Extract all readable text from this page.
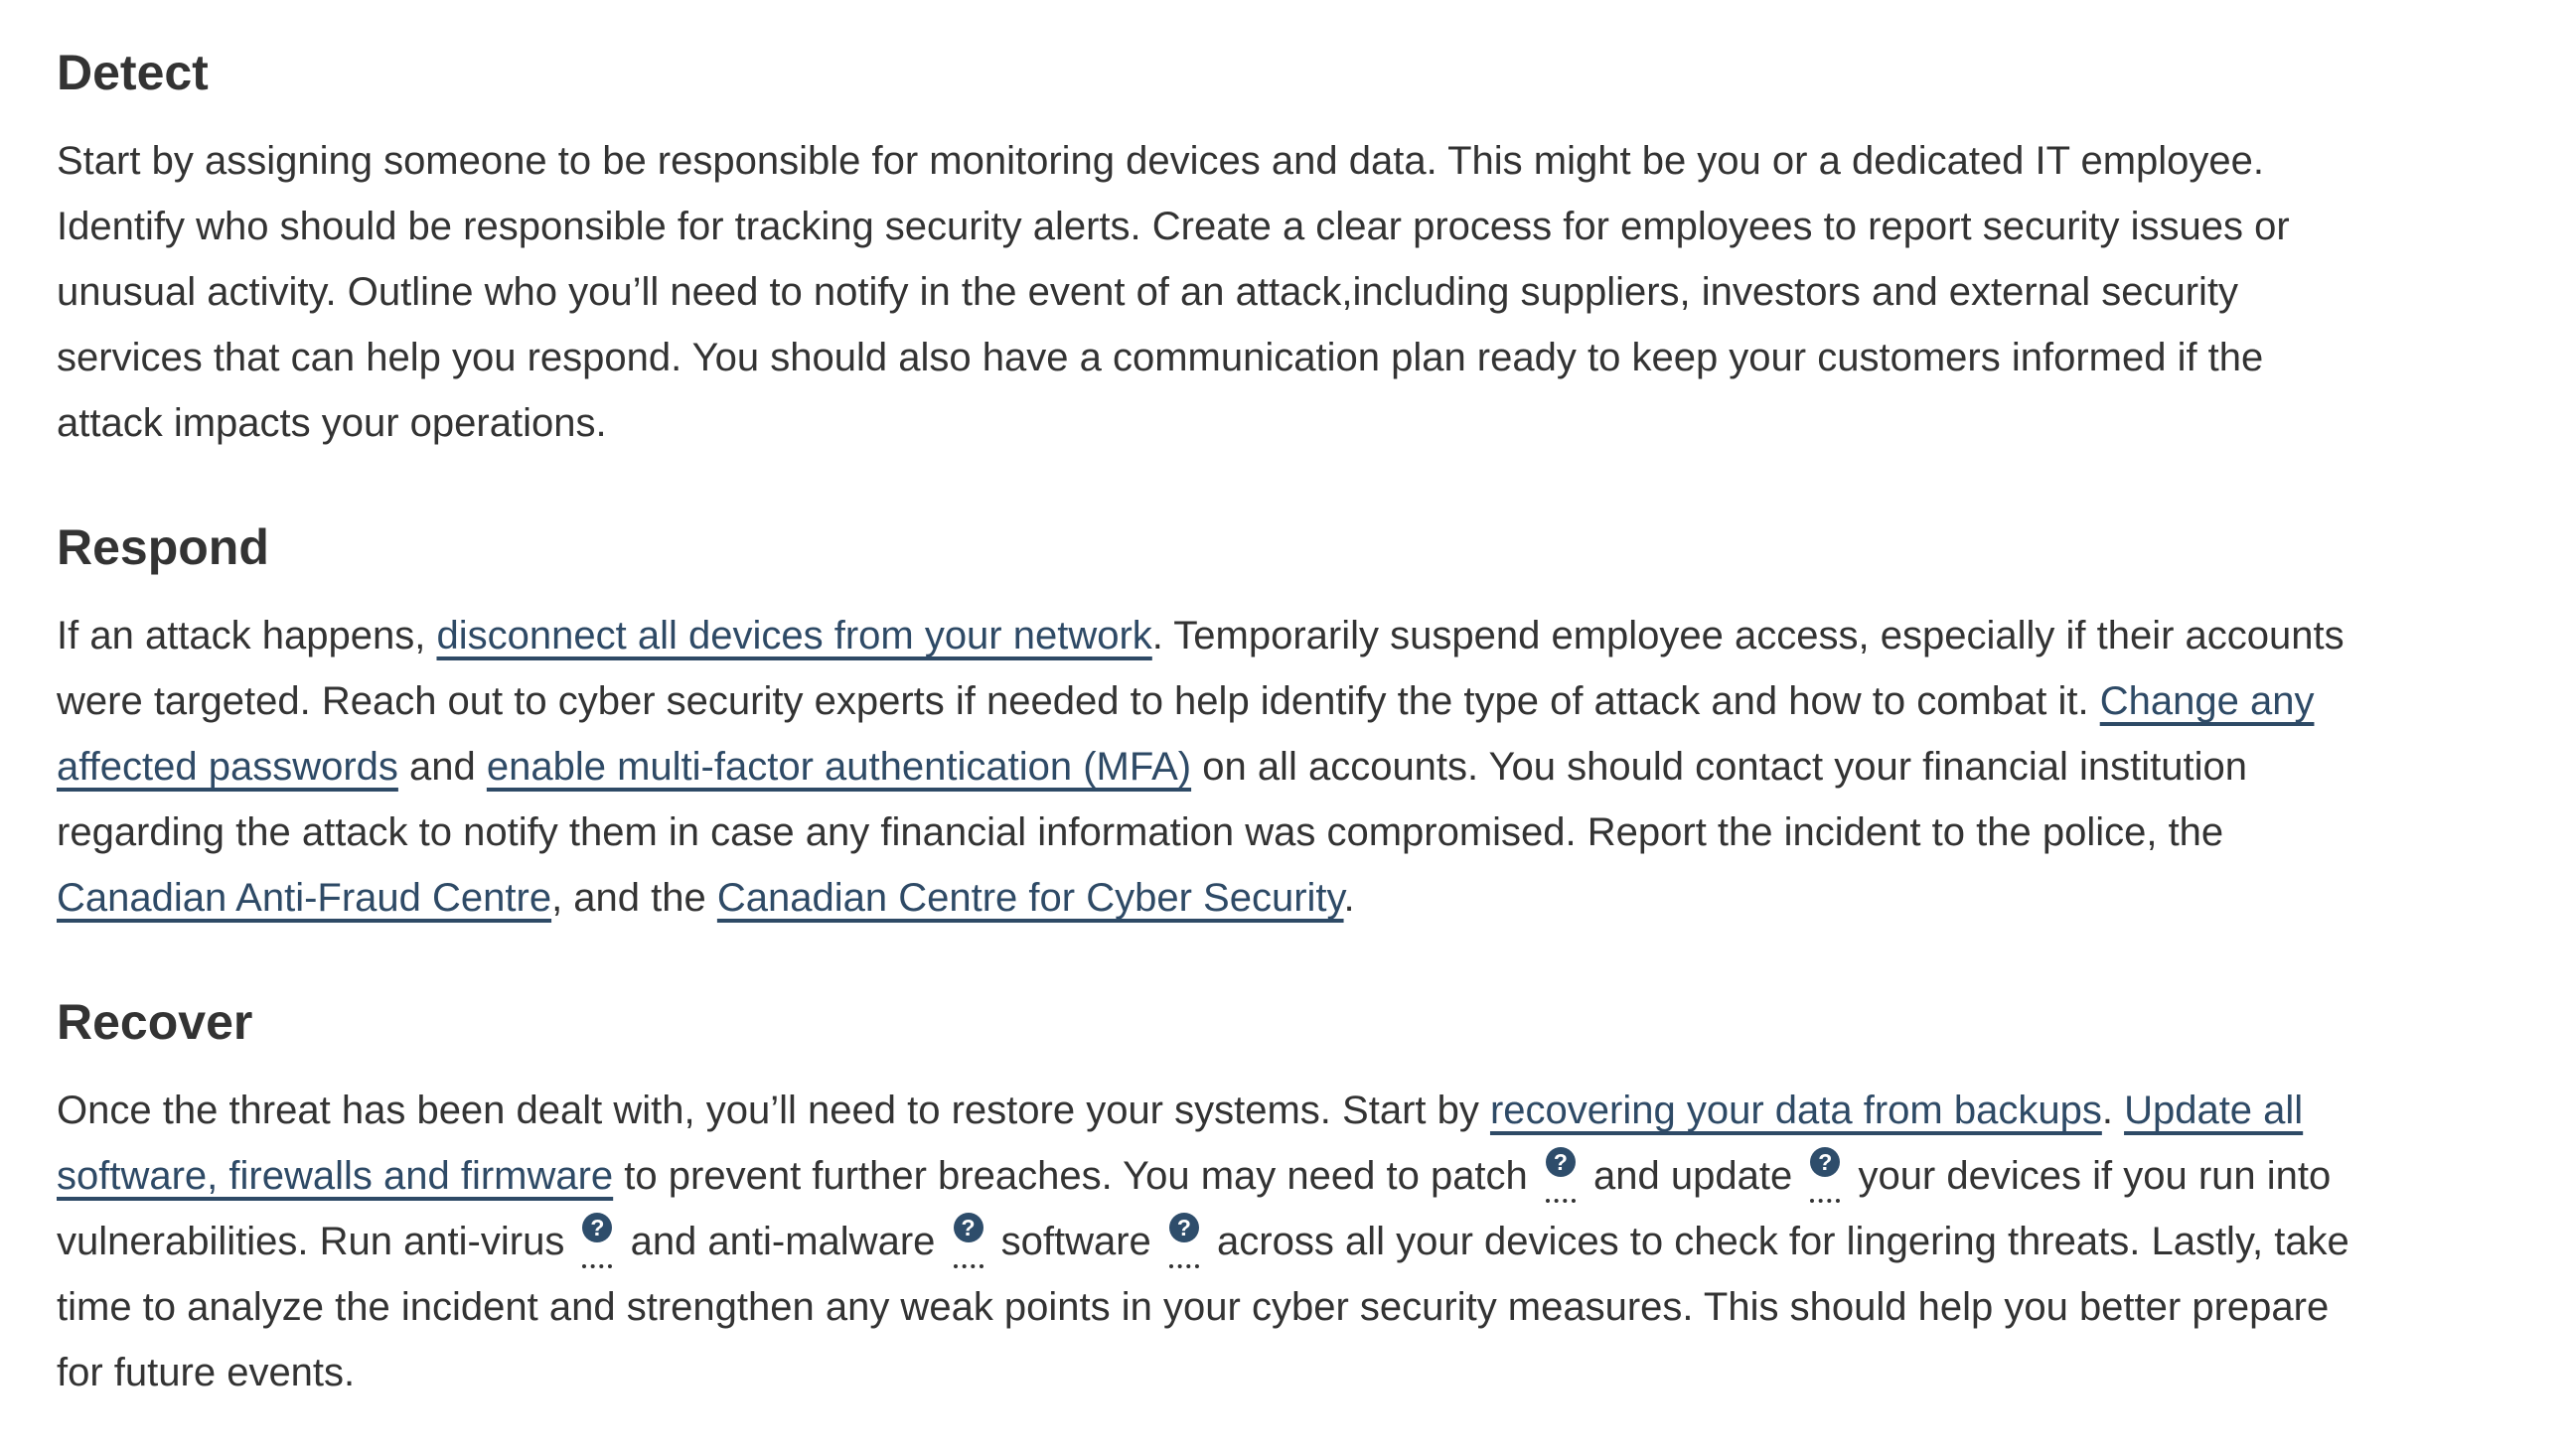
Detect

Start by assigning someone to be responsible for monitoring devices and data. This might be you or a dedicated IT employee. Identify who should be responsible for tracking security alerts. Create a clear process for employees to report security issues or unusual activity. Outline who you’ll need to notify in the event of an attack,including suppliers, investors and external security services that can help you respond. You should also have a communication plan ready to keep your customers informed if the attack impacts your operations.

Respond

If an attack happens, disconnect all devices from your network. Temporarily suspend employee access, especially if their accounts were targeted. Reach out to cyber security experts if needed to help identify the type of attack and how to combat it. Change any affected passwords and enable multi-factor authentication (MFA) on all accounts. You should contact your financial institution regarding the attack to notify them in case any financial information was compromised. Report the incident to the police, the Canadian Anti-Fraud Centre, and the Canadian Centre for Cyber Security.

Recover

Once the threat has been dealt with, you’ll need to restore your systems. Start by recovering your data from backups. Update all software, firewalls and firmware to prevent further breaches. You may need to patch ? and update ? your devices if you run into vulnerabilities. Run anti-virus ? and anti-malware ? software ? across all your devices to check for lingering threats. Lastly, take time to analyze the incident and strengthen any weak points in your cyber security measures. This should help you better prepare for future events.
